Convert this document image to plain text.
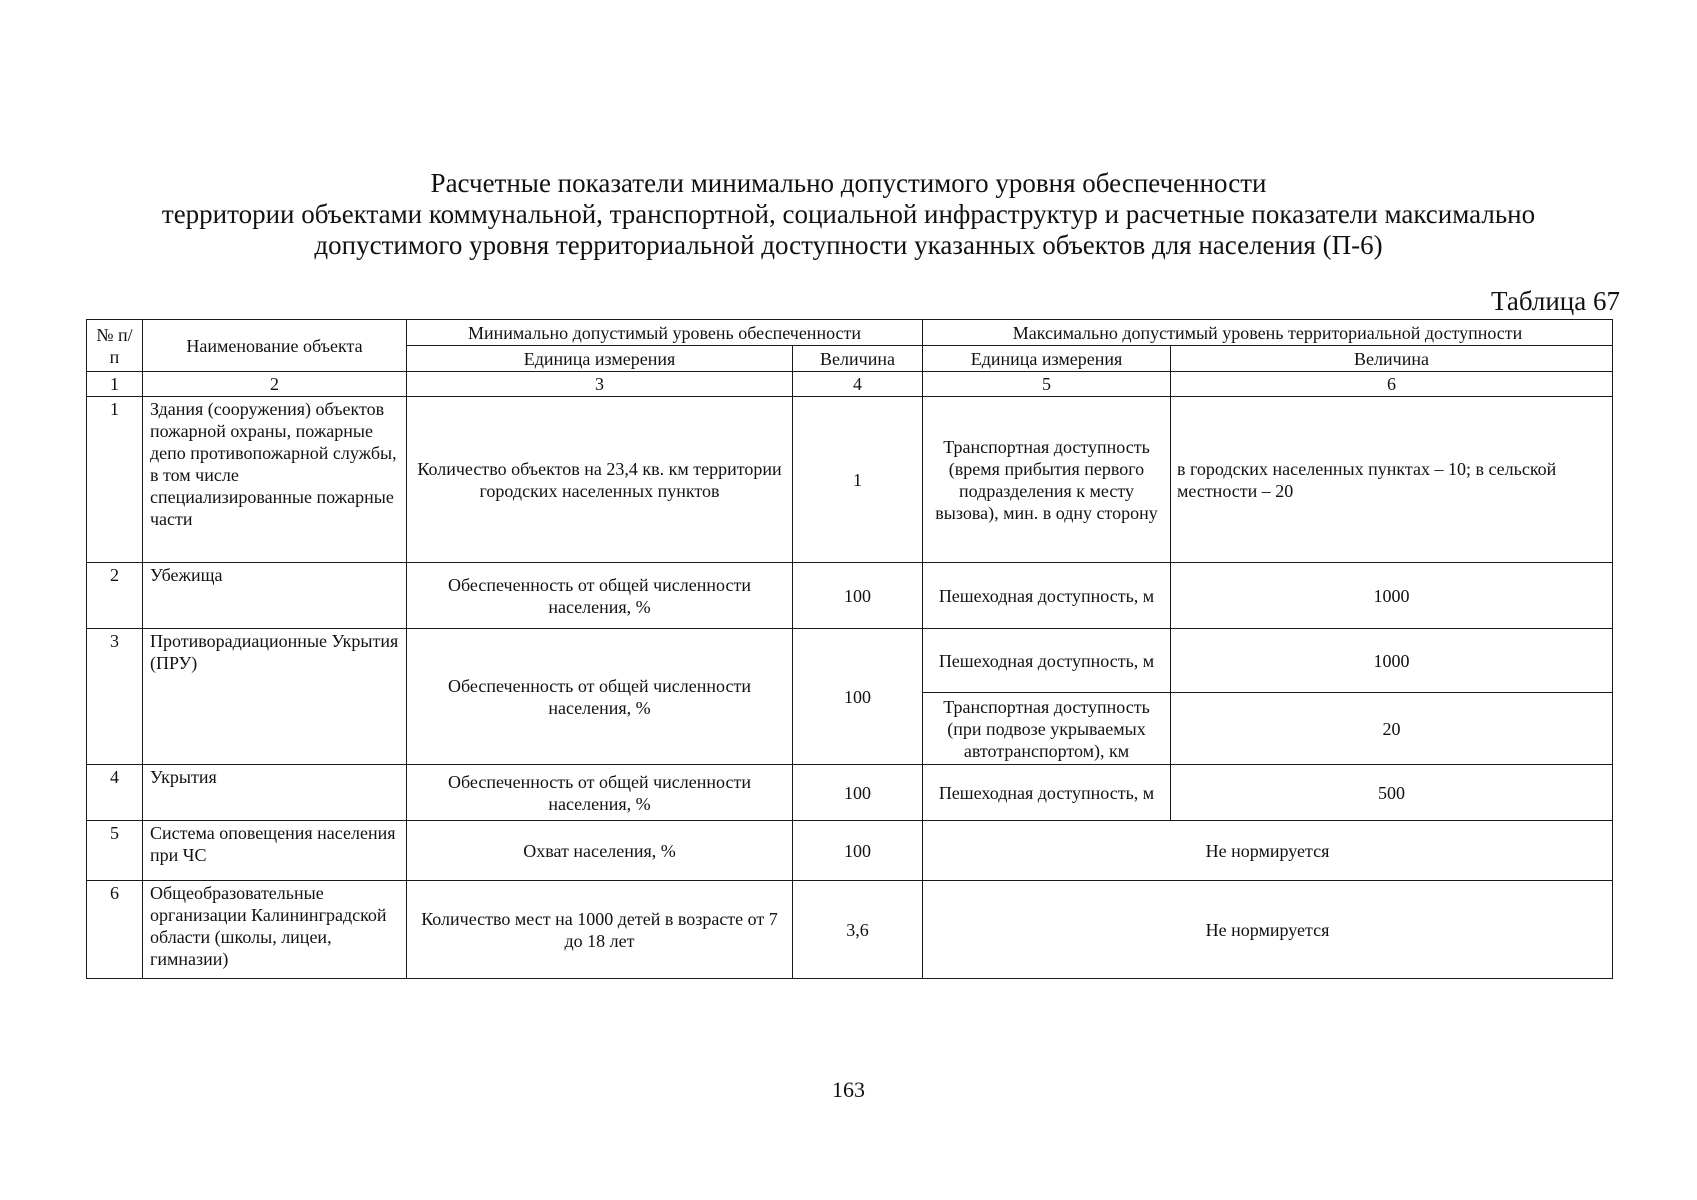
Расчетные показатели минимально допустимого уровня обеспеченности
территории объектами коммунальной, транспортной, социальной инфраструктур и расчетные показатели максимально
допустимого уровня территориальной доступности указанных объектов для населения (П-6)
Таблица 67
№ п/п	Наименование объекта	Минимально допустимый уровень обеспеченности		Максимально допустимый уровень территориальной доступности	
		Единица измерения	Величина	Единица измерения	Величина
1	2	3	4	5	6
1	Здания (сооружения) объектов пожарной охраны, пожарные депо противопожарной службы, в том числе специализированные пожарные части	Количество объектов на 23,4 кв. км территории городских населенных пунктов	1	Транспортная доступность (время прибытия первого подразделения к месту вызова), мин. в одну сторону	в городских населенных пунктах – 10; в сельской местности – 20
2	Убежища	Обеспеченность от общей численности населения, %	100	Пешеходная доступность, м	1000
3	Противорадиационные Укрытия (ПРУ)	Обеспеченность от общей численности населения, %	100	Пешеходная доступность, м	1000
				Транспортная доступность (при подвозе укрываемых автотранспортом), км	20
4	Укрытия	Обеспеченность от общей численности населения, %	100	Пешеходная доступность, м	500
5	Система оповещения населения при ЧС	Охват населения, %	100	Не нормируется	
6	Общеобразовательные организации Калининградской области (школы, лицеи, гимназии)	Количество мест на 1000 детей в возрасте от 7 до 18 лет	3,6	Не нормируется	
163
